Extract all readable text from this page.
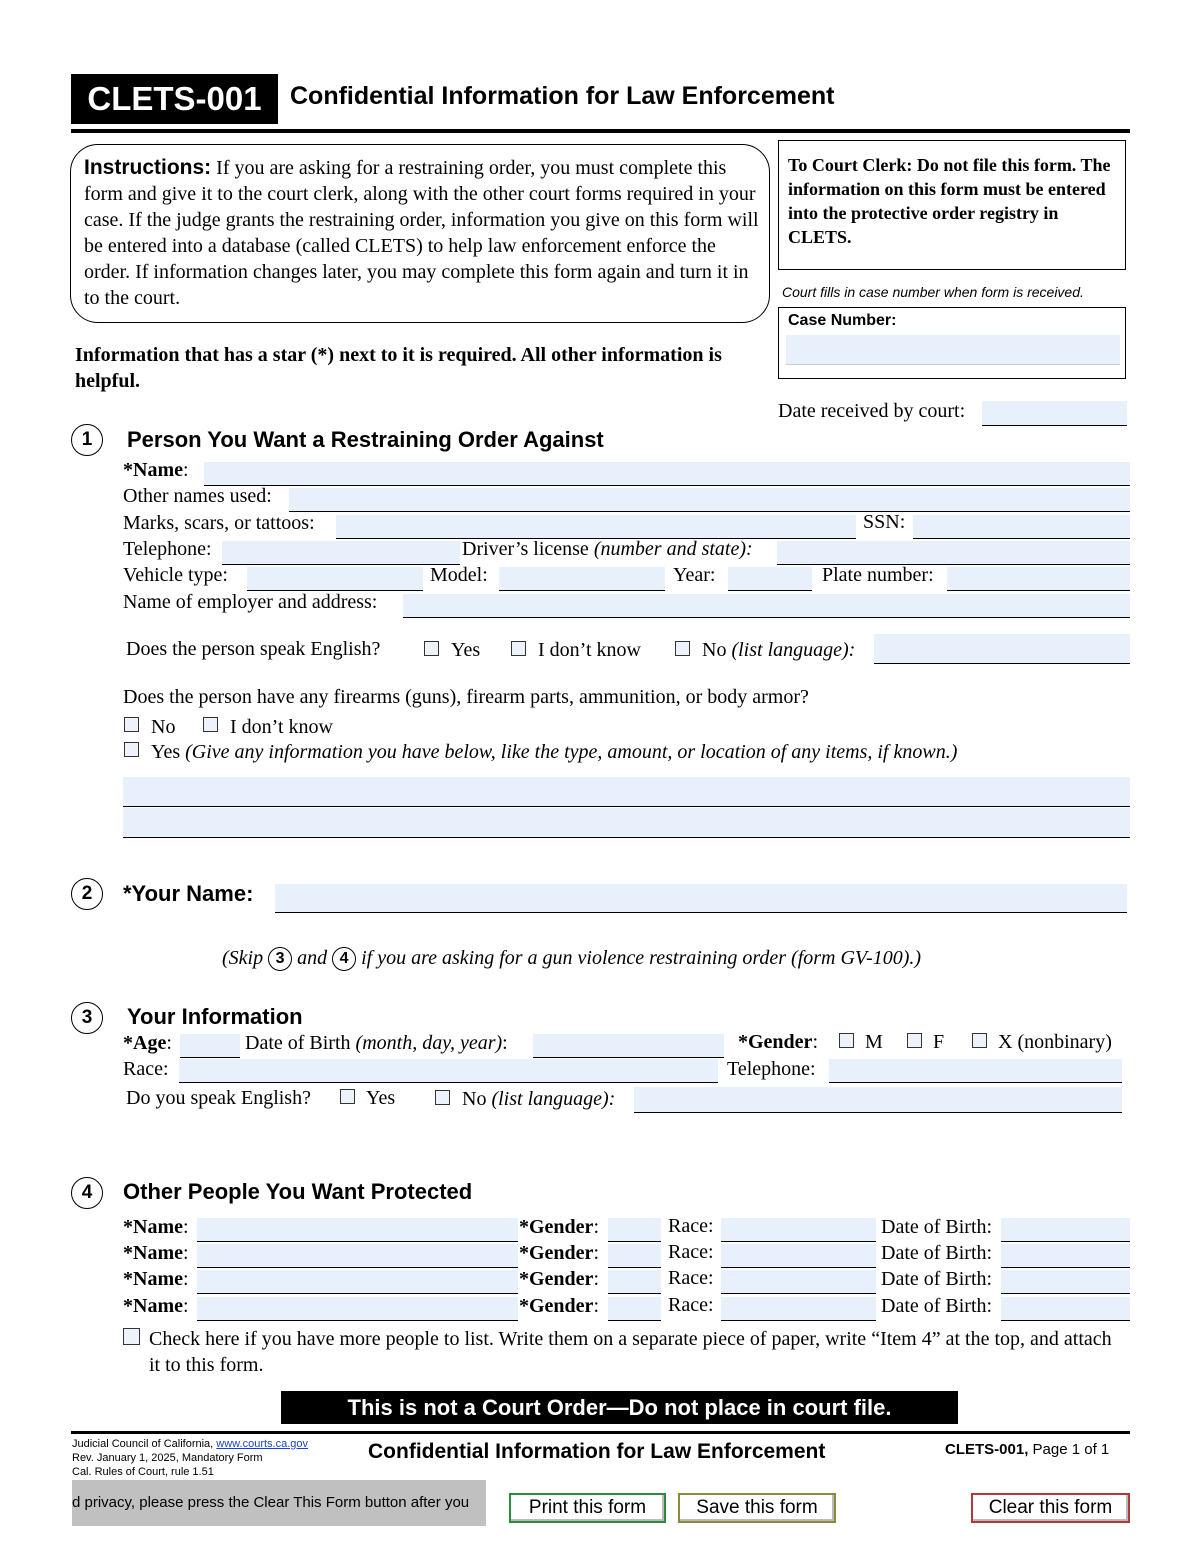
CLETS-001	Confidential Information for Law Enforcement
Instructions: If you are asking for a restraining order, you must complete this form and give it to the court clerk, along with the other court forms required in your case. If the judge grants the restraining order, information you give on this form will be entered into a database (called CLETS) to help law enforcement enforce the order. If information changes later, you may complete this form again and turn it in to the court.
To Court Clerk: Do not file this form. The information on this form must be entered into the protective order registry in CLETS.
Court fills in case number when form is received.
Case Number:
Information that has a star (*) next to it is required. All other information is helpful.
Date received by court:
1	Person You Want a Restraining Order Against
*Name:
Other names used:
Marks, scars, or tattoos:	SSN:
Telephone:	Driver’s license (number and state):
Vehicle type:	Model:	Year:	Plate number:
Name of employer and address:
Does the person speak English?	Yes	I don’t know	No (list language):
Does the person have any firearms (guns), firearm parts, ammunition, or body armor?
No	I don’t know
Yes (Give any information you have below, like the type, amount, or location of any items, if known.)
2	*Your Name:
(Skip 3 and 4 if you are asking for a gun violence restraining order (form GV-100).)
3	Your Information
*Age:	Date of Birth (month, day, year):	*Gender: M	F	X (nonbinary)
Race:	Telephone:
Do you speak English?	Yes	No (list language):
4	Other People You Want Protected
*Name:	*Gender:	Race:	Date of Birth:
*Name:	*Gender:	Race:	Date of Birth:
*Name:	*Gender:	Race:	Date of Birth:
*Name:	*Gender:	Race:	Date of Birth:
Check here if you have more people to list. Write them on a separate piece of paper, write “Item 4” at the top, and attach it to this form.
This is not a Court Order—Do not place in court file.
Judicial Council of California, www.courts.ca.gov
Rev. January 1, 2025, Mandatory Form
Cal. Rules of Court, rule 1.51
Confidential Information for Law Enforcement	CLETS-001, Page 1 of 1
d privacy, please press the Clear This Form button after you	Print this form	Save this form	Clear this form
